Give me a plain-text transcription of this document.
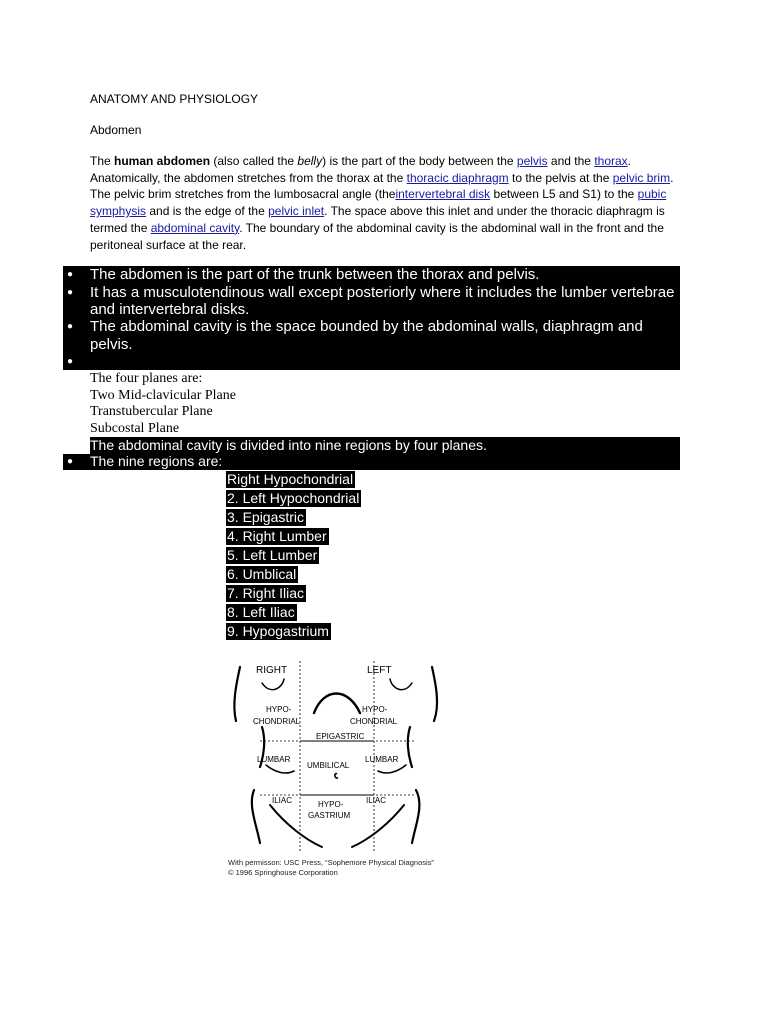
ANATOMY AND PHYSIOLOGY
Abdomen

The human abdomen (also called the belly) is the part of the body between the pelvis and the thorax. Anatomically, the abdomen stretches from the thorax at the thoracic diaphragm to the pelvis at the pelvic brim. The pelvic brim stretches from the lumbosacral angle (theintervertebral disk between L5 and S1) to the pubic symphysis and is the edge of the pelvic inlet. The space above this inlet and under the thoracic diaphragm is termed the abdominal cavity. The boundary of the abdominal cavity is the abdominal wall in the front and the peritoneal surface at the rear.

● The abdomen is the part of the trunk between the thorax and pelvis.
● It has a musculotendinous wall except posteriorly where it includes the lumber vertebrae
and intervertebral disks.
● The abdominal cavity is the space bounded by the abdominal walls, diaphragm and
pelvis.
●
The four planes are:
Two Mid-clavicular Plane
Transtubercular Plane
Subcostal Plane
The abdominal cavity is divided into nine regions by four planes.
● The nine regions are:
Right Hypochondrial
2. Left Hypochondrial
3. Epigastric
4. Right Lumber
5. Left Lumber
6. Umblical
7. Right Iliac
8. Left Iliac
9. Hypogastrium
RIGHT	LEFT
HYPO-
CHONDRIAL
HYPO-
CHONDRIAL
EPIGASTRIC
LUMBAR	LUMBAR
UMBILICAL
ILIAC	ILIAC
HYPO-
GASTRIUM
With permisson: USC Press, “Sophemore Physical Diagnosis”
© 1996 Springhouse Corporation
